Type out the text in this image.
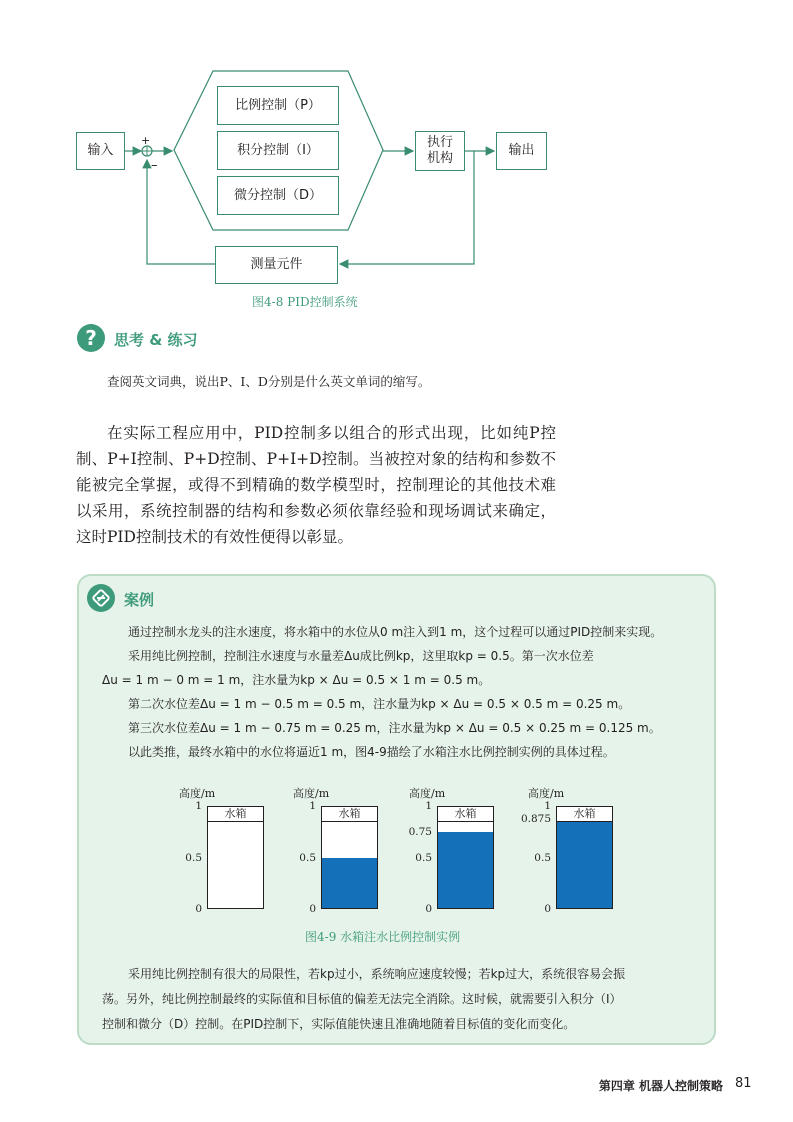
输入
+
–
比例控制（P）
积分控制（I）
微分控制（D）
执行
机构
输出
测量元件
图4-8 PID控制系统
?	思考 & 练习
查阅英文词典，说出P、I、D分别是什么英文单词的缩写。

在实际工程应用中，PID控制多以组合的形式出现，比如纯P控制、P+I控制、P+D控制、P+I+D控制。当被控对象的结构和参数不能被完全掌握，或得不到精确的数学模型时，控制理论的其他技术难以采用，系统控制器的结构和参数必须依靠经验和现场调试来确定，这时PID控制技术的有效性便得以彰显。

案例
通过控制水龙头的注水速度，将水箱中的水位从0 m注入到1 m，这个过程可以通过PID控制来实现。
采用纯比例控制，控制注水速度与水量差Δu成比例kp，这里取kp = 0.5。第一次水位差
Δu = 1 m − 0 m = 1 m，注水量为kp × Δu = 0.5 × 1 m = 0.5 m。
第二次水位差Δu = 1 m − 0.5 m = 0.5 m，注水量为kp × Δu = 0.5 × 0.5 m = 0.25 m。
第三次水位差Δu = 1 m − 0.75 m = 0.25 m，注水量为kp × Δu = 0.5 × 0.25 m = 0.125 m。
以此类推，最终水箱中的水位将逼近1 m，图4-9描绘了水箱注水比例控制实例的具体过程。
高度/m
水箱
1
0.5
0
高度/m
水箱
1
0.5
0
高度/m
水箱
1
0.75
0.5
0
高度/m
水箱
1
0.875
0.5
0
图4-9 水箱注水比例控制实例
采用纯比例控制有很大的局限性，若kp过小，系统响应速度较慢；若kp过大，系统很容易会振
荡。另外，纯比例控制最终的实际值和目标值的偏差无法完全消除。这时候，就需要引入积分（I）
控制和微分（D）控制。在PID控制下，实际值能快速且准确地随着目标值的变化而变化。
第四章 机器人控制策略 81
